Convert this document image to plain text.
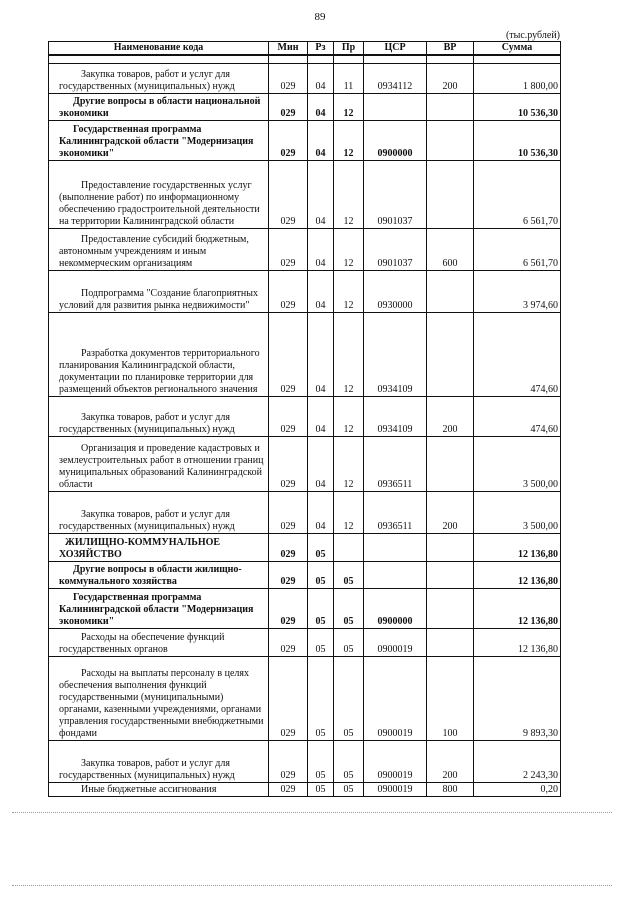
89
(тыс.рублей)
Наименование кода	Мин	Рз	Пр	ЦСР	ВР	Сумма

Закупка товаров, работ и услуг для государственных (муниципальных) нужд	029	04	11	0934112	200	1 800,00
Другие вопросы в области национальной экономики	029	04	12			10 536,30
Государственная программа Калининградской области "Модернизация экономики"	029	04	12	0900000		10 536,30
Предоставление государственных услуг (выполнение работ) по информационному обеспечению градостроительной деятельности на территории Калининградской области	029	04	12	0901037		6 561,70
Предоставление субсидий бюджетным, автономным учреждениям и иным некоммерческим организациям	029	04	12	0901037	600	6 561,70
Подпрограмма "Создание благоприятных условий для развития рынка недвижимости"	029	04	12	0930000		3 974,60
Разработка документов территориального планирования Калининградской области, документации по планировке территории для размещений объектов регионального значения	029	04	12	0934109		474,60
Закупка товаров, работ и услуг для государственных (муниципальных) нужд	029	04	12	0934109	200	474,60
Организация и проведение кадастровых и землеустроительных работ в отношении границ муниципальных образований Калининградской области	029	04	12	0936511		3 500,00
Закупка товаров, работ и услуг для государственных (муниципальных) нужд	029	04	12	0936511	200	3 500,00
ЖИЛИЩНО-КОММУНАЛЬНОЕ ХОЗЯЙСТВО	029	05				12 136,80
Другие вопросы в области жилищно-коммунального хозяйства	029	05	05			12 136,80
Государственная программа Калининградской области "Модернизация экономики"	029	05	05	0900000		12 136,80
Расходы на обеспечение функций государственных органов	029	05	05	0900019		12 136,80
Расходы на выплаты персоналу в целях обеспечения выполнения функций государственными (муниципальными) органами, казенными учреждениями, органами управления государственными внебюджетными фондами	029	05	05	0900019	100	9 893,30
Закупка товаров, работ и услуг для государственных (муниципальных) нужд	029	05	05	0900019	200	2 243,30
Иные бюджетные ассигнования	029	05	05	0900019	800	0,20
